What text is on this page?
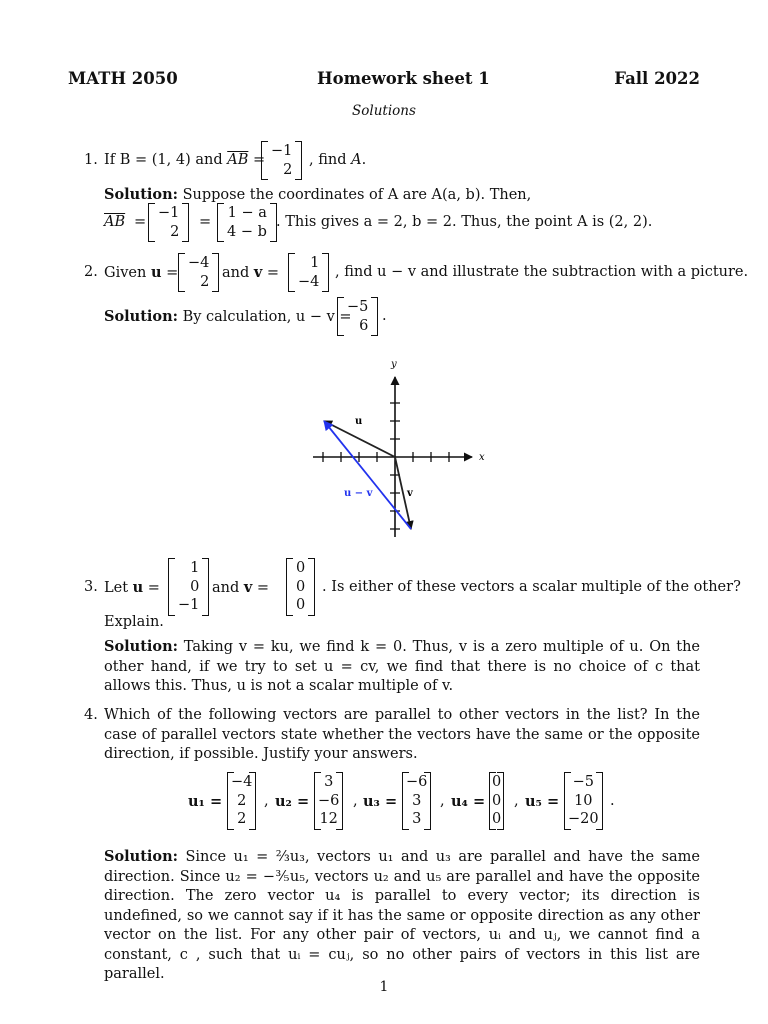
MATH 2050	Homework sheet 1	Fall 2022
Solutions
1. If B = (1, 4) and $\overline{AB}$ =
−1
2
, find A.
Solution: Suppose the coordinates of A are A(a, b). Then,
$\overline{AB}$ =
−1
2
=
1 − a
4 − b
. This gives a = 2, b = 2. Thus, the point A is (2, 2).
2. Given u =
−4
2
and v =
1
−4
, find u − v and illustrate the subtraction with a picture.
Solution: By calculation, u − v =
−5
6
.
x
y
u
v
u − v
3. Let u =
1
0
−1
and v =
0
0
0
. Is either of these vectors a scalar multiple of the other?
Explain.
Solution: Taking v = ku, we find k = 0. Thus, v is a zero multiple of u. On the other hand, if we try to set u = cv, we find that there is no choice of c that allows this. Thus, u is not a scalar multiple of v.
4. Which of the following vectors are parallel to other vectors in the list? In the case of parallel vectors state whether the vectors have the same or the opposite direction, if possible. Justify your answers.
u₁ =
−4
2
2
, u₂ =
3
−6
12
, u₃ =
−6
3
3
, u₄ =
0
0
0
, u₅ =
−5
10
−20
.
Solution: Since u₁ = ⅔u₃, vectors u₁ and u₃ are parallel and have the same direction. Since u₂ = −⅗u₅, vectors u₂ and u₅ are parallel and have the opposite direction. The zero vector u₄ is parallel to every vector; its direction is undefined, so we cannot say if it has the same or opposite direction as any other vector on the list. For any other pair of vectors, uᵢ and uⱼ, we cannot find a constant, c , such that uᵢ = cuⱼ, so no other pairs of vectors in this list are parallel.
1
